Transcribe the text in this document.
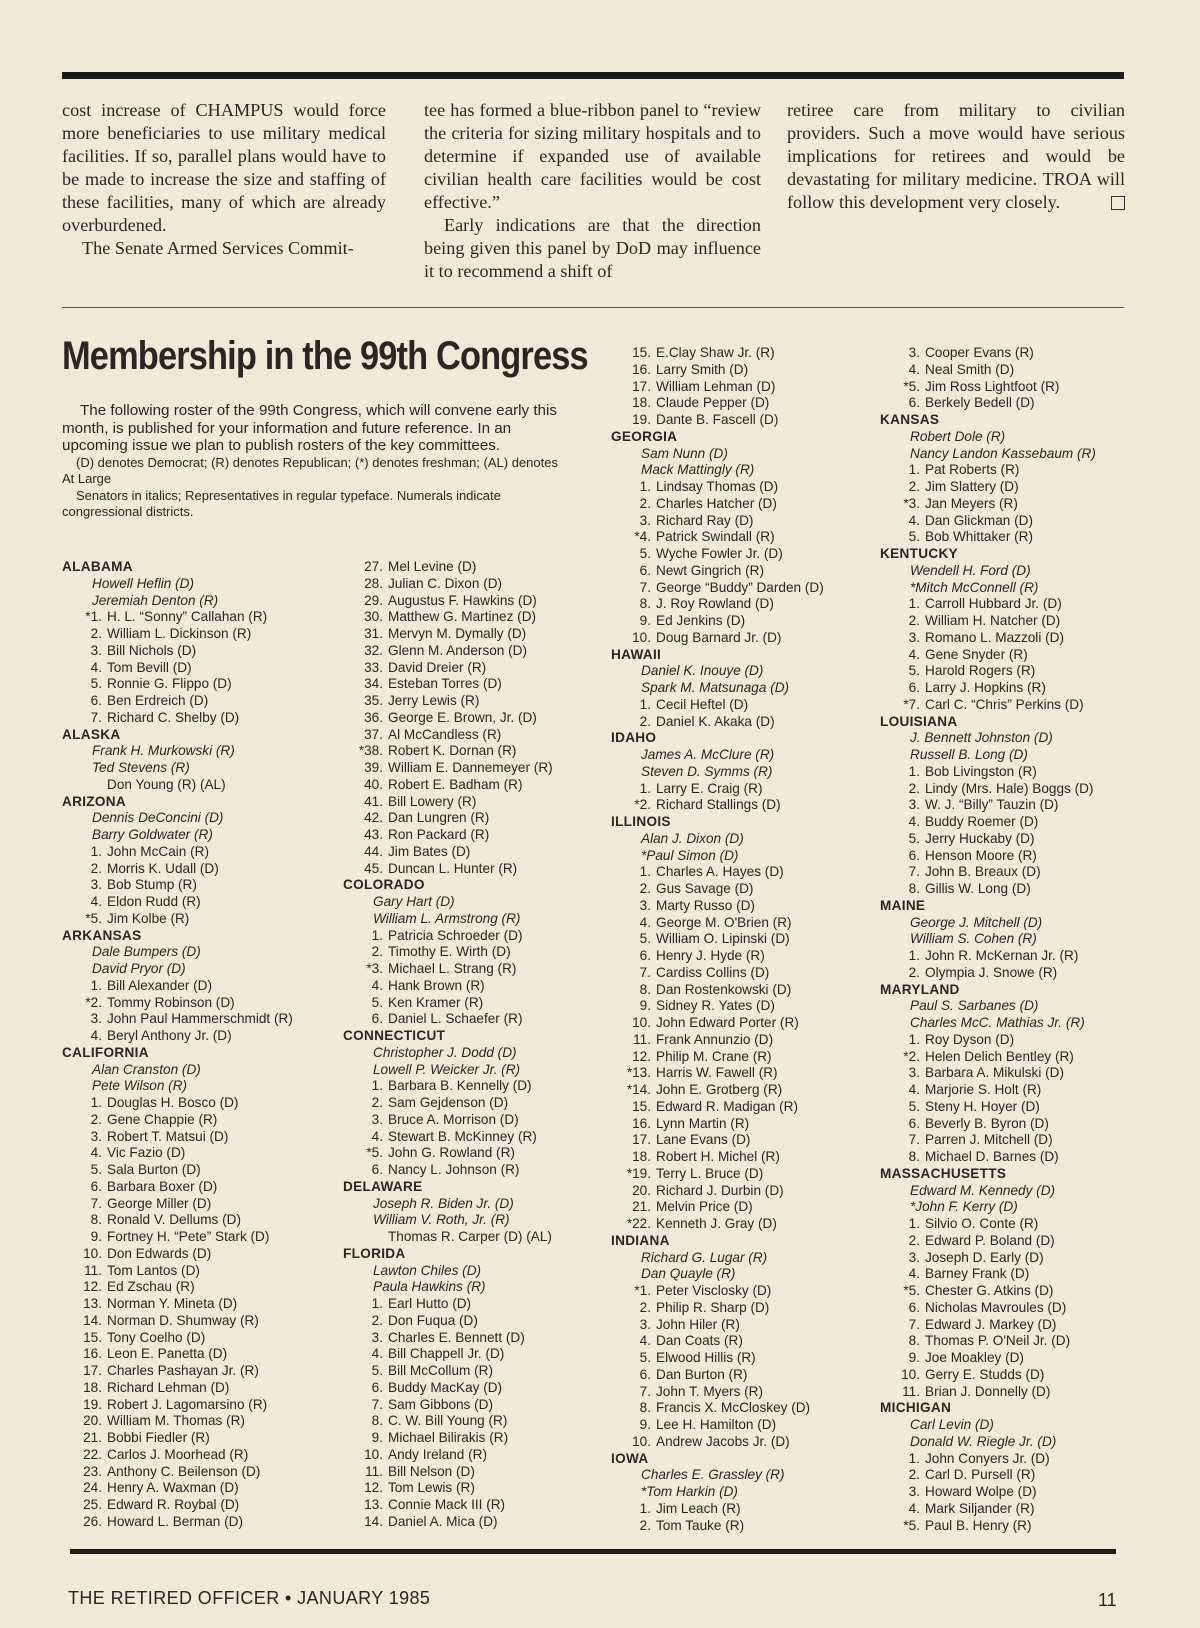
cost increase of CHAMPUS would force more beneficiaries to use military medical facilities. If so, parallel plans would have to be made to increase the size and staffing of these facilities, many of which are already overburdened.

The Senate Armed Services Commit-

tee has formed a blue-ribbon panel to “review the criteria for sizing military hospitals and to determine if expanded use of available civilian health care facilities would be cost effective.”

Early indications are that the direction being given this panel by DoD may influence it to recommend a shift of

retiree care from military to civilian providers. Such a move would have serious implications for retirees and would be devastating for military medicine. TROA will follow this development very closely.

Membership in the 99th Congress

The following roster of the 99th Congress, which will convene early this month, is published for your information and future reference. In an upcoming issue we plan to publish rosters of the key committees.

(D) denotes Democrat; (R) denotes Republican; (*) denotes freshman; (AL) denotes At Large

Senators in italics; Representatives in regular typeface. Numerals indicate congressional districts.

ALABAMA
Howell Heflin (D)
Jeremiah Denton (R)
*1. H. L. “Sonny” Callahan (R)
2. William L. Dickinson (R)
3. Bill Nichols (D)
4. Tom Bevill (D)
5. Ronnie G. Flippo (D)
6. Ben Erdreich (D)
7. Richard C. Shelby (D)
ALASKA
Frank H. Murkowski (R)
Ted Stevens (R)
Don Young (R) (AL)
ARIZONA
Dennis DeConcini (D)
Barry Goldwater (R)
1. John McCain (R)
2. Morris K. Udall (D)
3. Bob Stump (R)
4. Eldon Rudd (R)
*5. Jim Kolbe (R)
ARKANSAS
Dale Bumpers (D)
David Pryor (D)
1. Bill Alexander (D)
*2. Tommy Robinson (D)
3. John Paul Hammerschmidt (R)
4. Beryl Anthony Jr. (D)
CALIFORNIA
Alan Cranston (D)
Pete Wilson (R)
1. Douglas H. Bosco (D)
2. Gene Chappie (R)
3. Robert T. Matsui (D)
4. Vic Fazio (D)
5. Sala Burton (D)
6. Barbara Boxer (D)
7. George Miller (D)
8. Ronald V. Dellums (D)
9. Fortney H. “Pete” Stark (D)
10. Don Edwards (D)
11. Tom Lantos (D)
12. Ed Zschau (R)
13. Norman Y. Mineta (D)
14. Norman D. Shumway (R)
15. Tony Coelho (D)
16. Leon E. Panetta (D)
17. Charles Pashayan Jr. (R)
18. Richard Lehman (D)
19. Robert J. Lagomarsino (R)
20. William M. Thomas (R)
21. Bobbi Fiedler (R)
22. Carlos J. Moorhead (R)
23. Anthony C. Beilenson (D)
24. Henry A. Waxman (D)
25. Edward R. Roybal (D)
26. Howard L. Berman (D)
27. Mel Levine (D)
28. Julian C. Dixon (D)
29. Augustus F. Hawkins (D)
30. Matthew G. Martinez (D)
31. Mervyn M. Dymally (D)
32. Glenn M. Anderson (D)
33. David Dreier (R)
34. Esteban Torres (D)
35. Jerry Lewis (R)
36. George E. Brown, Jr. (D)
37. Al McCandless (R)
*38. Robert K. Dornan (R)
39. William E. Dannemeyer (R)
40. Robert E. Badham (R)
41. Bill Lowery (R)
42. Dan Lungren (R)
43. Ron Packard (R)
44. Jim Bates (D)
45. Duncan L. Hunter (R)
COLORADO
Gary Hart (D)
William L. Armstrong (R)
1. Patricia Schroeder (D)
2. Timothy E. Wirth (D)
*3. Michael L. Strang (R)
4. Hank Brown (R)
5. Ken Kramer (R)
6. Daniel L. Schaefer (R)
CONNECTICUT
Christopher J. Dodd (D)
Lowell P. Weicker Jr. (R)
1. Barbara B. Kennelly (D)
2. Sam Gejdenson (D)
3. Bruce A. Morrison (D)
4. Stewart B. McKinney (R)
*5. John G. Rowland (R)
6. Nancy L. Johnson (R)
DELAWARE
Joseph R. Biden Jr. (D)
William V. Roth, Jr. (R)
Thomas R. Carper (D) (AL)
FLORIDA
Lawton Chiles (D)
Paula Hawkins (R)
1. Earl Hutto (D)
2. Don Fuqua (D)
3. Charles E. Bennett (D)
4. Bill Chappell Jr. (D)
5. Bill McCollum (R)
6. Buddy MacKay (D)
7. Sam Gibbons (D)
8. C. W. Bill Young (R)
9. Michael Bilirakis (R)
10. Andy Ireland (R)
11. Bill Nelson (D)
12. Tom Lewis (R)
13. Connie Mack III (R)
14. Daniel A. Mica (D)
15. E.Clay Shaw Jr. (R)
16. Larry Smith (D)
17. William Lehman (D)
18. Claude Pepper (D)
19. Dante B. Fascell (D)
GEORGIA
Sam Nunn (D)
Mack Mattingly (R)
1. Lindsay Thomas (D)
2. Charles Hatcher (D)
3. Richard Ray (D)
*4. Patrick Swindall (R)
5. Wyche Fowler Jr. (D)
6. Newt Gingrich (R)
7. George “Buddy” Darden (D)
8. J. Roy Rowland (D)
9. Ed Jenkins (D)
10. Doug Barnard Jr. (D)
HAWAII
Daniel K. Inouye (D)
Spark M. Matsunaga (D)
1. Cecil Heftel (D)
2. Daniel K. Akaka (D)
IDAHO
James A. McClure (R)
Steven D. Symms (R)
1. Larry E. Craig (R)
*2. Richard Stallings (D)
ILLINOIS
Alan J. Dixon (D)
*Paul Simon (D)
1. Charles A. Hayes (D)
2. Gus Savage (D)
3. Marty Russo (D)
4. George M. O'Brien (R)
5. William O. Lipinski (D)
6. Henry J. Hyde (R)
7. Cardiss Collins (D)
8. Dan Rostenkowski (D)
9. Sidney R. Yates (D)
10. John Edward Porter (R)
11. Frank Annunzio (D)
12. Philip M. Crane (R)
*13. Harris W. Fawell (R)
*14. John E. Grotberg (R)
15. Edward R. Madigan (R)
16. Lynn Martin (R)
17. Lane Evans (D)
18. Robert H. Michel (R)
*19. Terry L. Bruce (D)
20. Richard J. Durbin (D)
21. Melvin Price (D)
*22. Kenneth J. Gray (D)
INDIANA
Richard G. Lugar (R)
Dan Quayle (R)
*1. Peter Visclosky (D)
2. Philip R. Sharp (D)
3. John Hiler (R)
4. Dan Coats (R)
5. Elwood Hillis (R)
6. Dan Burton (R)
7. John T. Myers (R)
8. Francis X. McCloskey (D)
9. Lee H. Hamilton (D)
10. Andrew Jacobs Jr. (D)
IOWA
Charles E. Grassley (R)
*Tom Harkin (D)
1. Jim Leach (R)
2. Tom Tauke (R)
3. Cooper Evans (R)
4. Neal Smith (D)
*5. Jim Ross Lightfoot (R)
6. Berkely Bedell (D)
KANSAS
Robert Dole (R)
Nancy Landon Kassebaum (R)
1. Pat Roberts (R)
2. Jim Slattery (D)
*3. Jan Meyers (R)
4. Dan Glickman (D)
5. Bob Whittaker (R)
KENTUCKY
Wendell H. Ford (D)
*Mitch McConnell (R)
1. Carroll Hubbard Jr. (D)
2. William H. Natcher (D)
3. Romano L. Mazzoli (D)
4. Gene Snyder (R)
5. Harold Rogers (R)
6. Larry J. Hopkins (R)
*7. Carl C. “Chris” Perkins (D)
LOUISIANA
J. Bennett Johnston (D)
Russell B. Long (D)
1. Bob Livingston (R)
2. Lindy (Mrs. Hale) Boggs (D)
3. W. J. “Billy” Tauzin (D)
4. Buddy Roemer (D)
5. Jerry Huckaby (D)
6. Henson Moore (R)
7. John B. Breaux (D)
8. Gillis W. Long (D)
MAINE
George J. Mitchell (D)
William S. Cohen (R)
1. John R. McKernan Jr. (R)
2. Olympia J. Snowe (R)
MARYLAND
Paul S. Sarbanes (D)
Charles McC. Mathias Jr. (R)
1. Roy Dyson (D)
*2. Helen Delich Bentley (R)
3. Barbara A. Mikulski (D)
4. Marjorie S. Holt (R)
5. Steny H. Hoyer (D)
6. Beverly B. Byron (D)
7. Parren J. Mitchell (D)
8. Michael D. Barnes (D)
MASSACHUSETTS
Edward M. Kennedy (D)
*John F. Kerry (D)
1. Silvio O. Conte (R)
2. Edward P. Boland (D)
3. Joseph D. Early (D)
4. Barney Frank (D)
*5. Chester G. Atkins (D)
6. Nicholas Mavroules (D)
7. Edward J. Markey (D)
8. Thomas P. O'Neil Jr. (D)
9. Joe Moakley (D)
10. Gerry E. Studds (D)
11. Brian J. Donnelly (D)
MICHIGAN
Carl Levin (D)
Donald W. Riegle Jr. (D)
1. John Conyers Jr. (D)
2. Carl D. Pursell (R)
3. Howard Wolpe (D)
4. Mark Siljander (R)
*5. Paul B. Henry (R)
THE RETIRED OFFICER • JANUARY 1985	11
